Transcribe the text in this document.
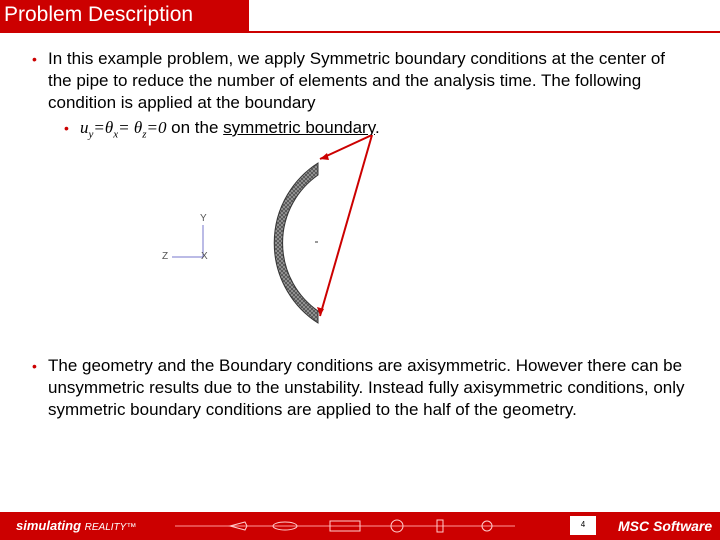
Problem Description
• In this example problem, we apply Symmetric boundary conditions at the center of the pipe to reduce the number of elements and the analysis time. The following condition is applied at the boundary
• $u_y=\theta_x= \theta_z=0$ on the symmetric boundary.
Y
Z	X
• The geometry and the Boundary conditions are axisymmetric. However there can be unsymmetric results due to the unstability. Instead fully axisymmetric conditions, only symmetric boundary conditions are applied to the half of the geometry.
simulating REALITY™	4	MSC Software
